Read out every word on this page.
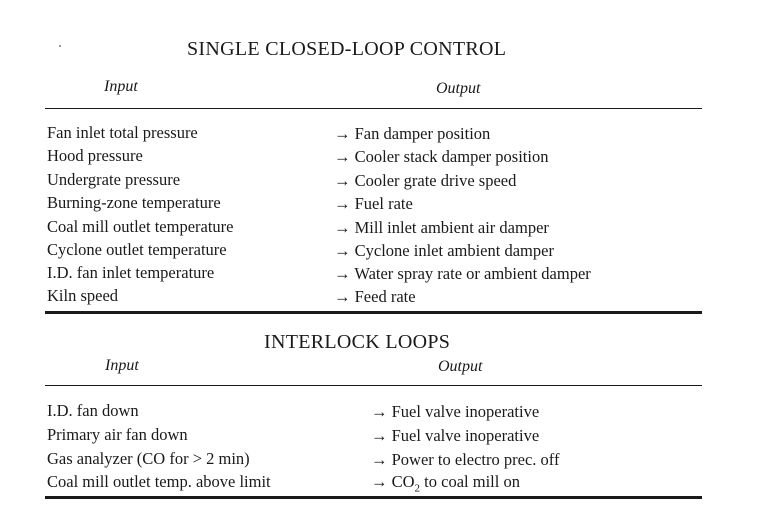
SINGLE CLOSED-LOOP CONTROL
Input	Output
Fan inlet total pressure	→ Fan damper position
Hood pressure	→ Cooler stack damper position
Undergrate pressure	→ Cooler grate drive speed
Burning-zone temperature	→ Fuel rate
Coal mill outlet temperature	→ Mill inlet ambient air damper
Cyclone outlet temperature	→ Cyclone inlet ambient damper
I.D. fan inlet temperature	→ Water spray rate or ambient damper
Kiln speed	→ Feed rate
INTERLOCK LOOPS
Input	Output
I.D. fan down	→ Fuel valve inoperative
Primary air fan down	→ Fuel valve inoperative
Gas analyzer (CO for > 2 min)	→ Power to electro prec. off
Coal mill outlet temp. above limit	→ $CO_2$ to coal mill on
